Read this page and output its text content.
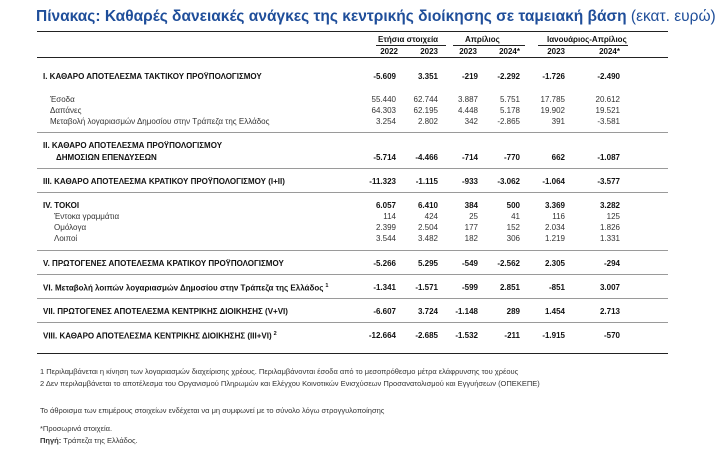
Πίνακας: Καθαρές δανειακές ανάγκες της κεντρικής διοίκησης σε ταμειακή βάση (εκατ. ευρώ)
Ετήσια στοιχεία	Απρίλιος	Ιανουάριος-Απρίλιος
2022	2023	2023	2024*	2023	2024*
I. ΚΑΘΑΡΟ ΑΠΟΤΕΛΕΣΜΑ ΤΑΚΤΙΚΟΥ ΠΡΟΫΠΟΛΟΓΙΣΜΟΥ	-5.609	3.351	-219	-2.292	-1.726	-2.490
Έσοδα	55.440	62.744	3.887	5.751	17.785	20.612
Δαπάνες	64.303	62.195	4.448	5.178	19.902	19.521
Μεταβολή λογαριασμών Δημοσίου στην Τράπεζα της Ελλάδος	3.254	2.802	342	-2.865	391	-3.581
II. ΚΑΘΑΡΟ ΑΠΟΤΕΛΕΣΜΑ ΠΡΟΫΠΟΛΟΓΙΣΜΟΥ
ΔΗΜΟΣΙΩΝ ΕΠΕΝΔΥΣΕΩΝ	-5.714	-4.466	-714	-770	662	-1.087
III. ΚΑΘΑΡΟ ΑΠΟΤΕΛΕΣΜΑ ΚΡΑΤΙΚΟΥ ΠΡΟΫΠΟΛΟΓΙΣΜΟΥ (I+II)	-11.323	-1.115	-933	-3.062	-1.064	-3.577
IV. ΤΟΚΟΙ	6.057	6.410	384	500	3.369	3.282
Έντοκα γραμμάτια	114	424	25	41	116	125
Ομόλογα	2.399	2.504	177	152	2.034	1.826
Λοιποί	3.544	3.482	182	306	1.219	1.331
V. ΠΡΩΤΟΓΕΝΕΣ ΑΠΟΤΕΛΕΣΜΑ ΚΡΑΤΙΚΟΥ ΠΡΟΫΠΟΛΟΓΙΣΜΟΥ	-5.266	5.295	-549	-2.562	2.305	-294
VI. Μεταβολή λοιπών λογαριασμών Δημοσίου στην Τράπεζα της Ελλάδος $^1$	-1.341	-1.571	-599	2.851	-851	3.007
VII. ΠΡΩΤΟΓΕΝΕΣ ΑΠΟΤΕΛΕΣΜΑ ΚΕΝΤΡΙΚΗΣ ΔΙΟΙΚΗΣΗΣ (V+VI)	-6.607	3.724	-1.148	289	1.454	2.713
VIII. ΚΑΘΑΡΟ ΑΠΟΤΕΛΕΣΜΑ ΚΕΝΤΡΙΚΗΣ ΔΙΟΙΚΗΣΗΣ (III+VI) $^2$	-12.664	-2.685	-1.532	-211	-1.915	-570
1 Περιλαμβάνεται η κίνηση των λογαριασμών διαχείρισης χρέους. Περιλαμβάνονται έσοδα από το μεσοπρόθεσμο μέτρα ελάφρυνσης του χρέους
2 Δεν περιλαμβάνεται το αποτέλεσμα του Οργανισμού Πληρωμών και Ελέγχου Κοινοτικών Ενισχύσεων Προσανατολισμού και Εγγυήσεων (ΟΠΕΚΕΠΕ)
Το άθροισμα των επιμέρους στοιχείων ενδέχεται να μη συμφωνεί με το σύνολο λόγω στρογγυλοποίησης
*Προσωρινά στοιχεία.
Πηγή: Τράπεζα της Ελλάδος.
